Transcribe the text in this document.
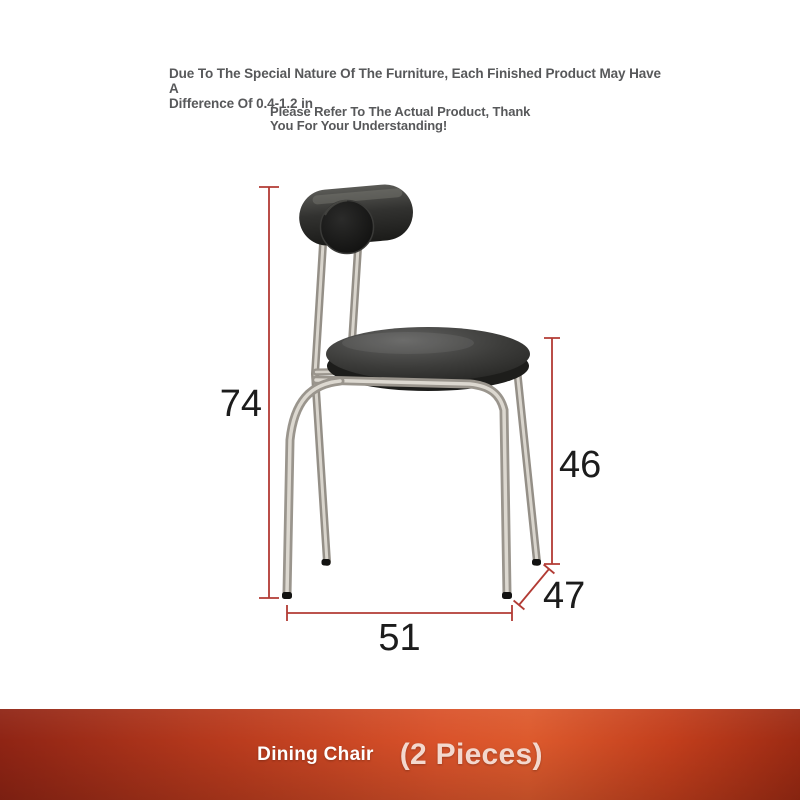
Due To The Special Nature Of The Furniture, Each Finished Product May Have A
Difference Of 0.4-1.2 in
Please Refer To The Actual Product, Thank
You For Your Understanding!
74
46
47
51
Dining Chair (2 Pieces)
